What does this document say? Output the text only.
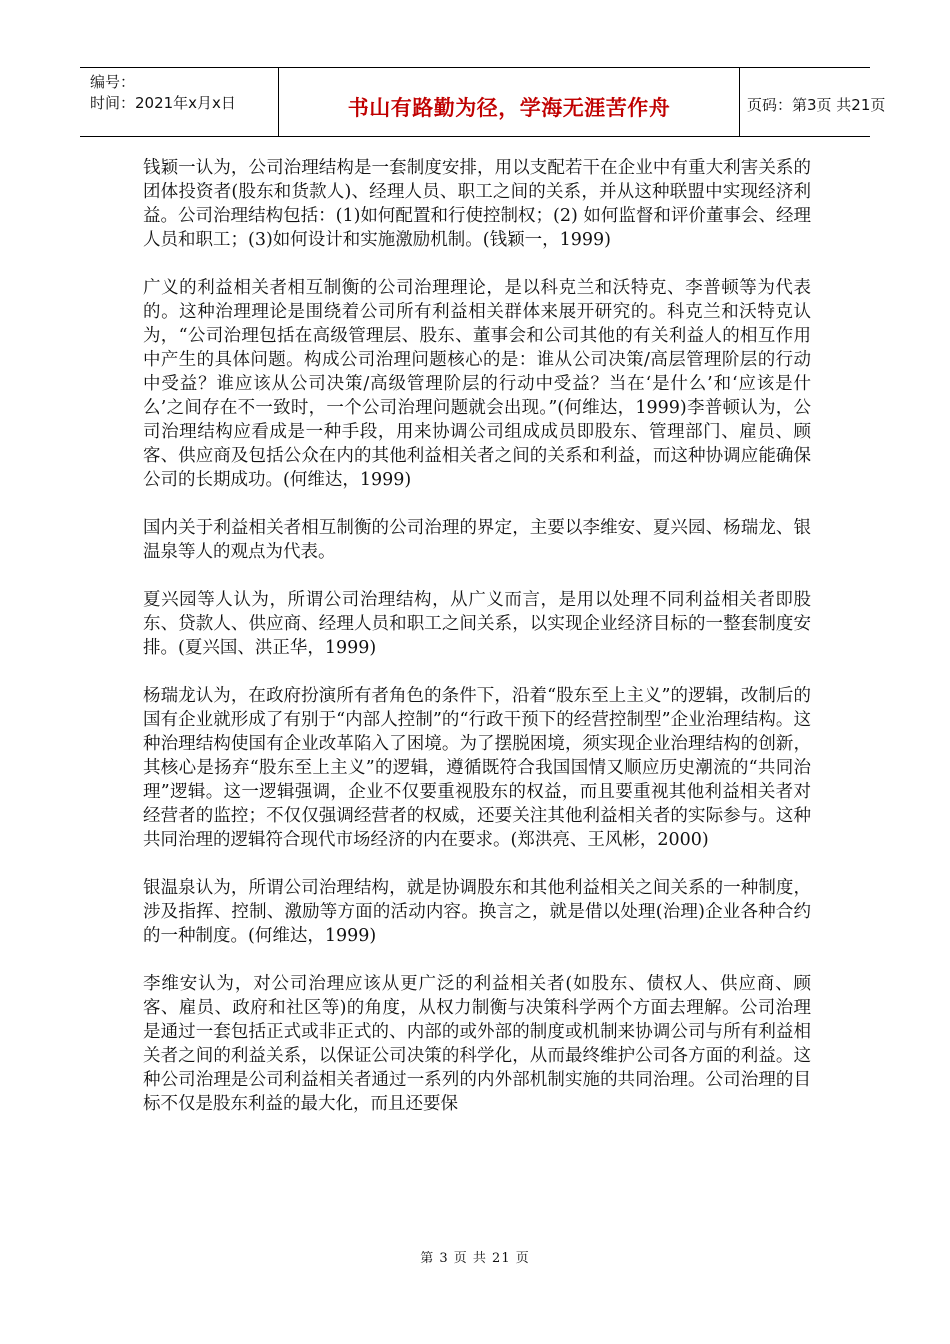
编号：
时间：2021年x月x日	书山有路勤为径，学海无涯苦作舟	页码：第3页 共21页

钱颖一认为，公司治理结构是一套制度安排，用以支配若干在企业中有重大利害关系的团体投资者(股东和货款人)、经理人员、职工之间的关系，并从这种联盟中实现经济利益。公司治理结构包括：(1)如何配置和行使控制权；(2) 如何监督和评价董事会、经理人员和职工；(3)如何设计和实施激励机制。(钱颖一，1999)

广义的利益相关者相互制衡的公司治理理论，是以科克兰和沃特克、李普顿等为代表的。这种治理理论是围绕着公司所有利益相关群体来展开研究的。科克兰和沃特克认为，“公司治理包括在高级管理层、股东、董事会和公司其他的有关利益人的相互作用中产生的具体问题。构成公司治理问题核心的是：谁从公司决策/高层管理阶层的行动中受益？谁应该从公司决策/高级管理阶层的行动中受益？当在‘是什么’和‘应该是什么’之间存在不一致时，一个公司治理问题就会出现。”(何维达，1999)李普顿认为，公司治理结构应看成是一种手段，用来协调公司组成成员即股东、管理部门、雇员、顾客、供应商及包括公众在内的其他利益相关者之间的关系和利益，而这种协调应能确保公司的长期成功。(何维达，1999)

国内关于利益相关者相互制衡的公司治理的界定，主要以李维安、夏兴园、杨瑞龙、银温泉等人的观点为代表。

夏兴园等人认为，所谓公司治理结构，从广义而言，是用以处理不同利益相关者即股东、贷款人、供应商、经理人员和职工之间关系，以实现企业经济目标的一整套制度安排。(夏兴国、洪正华，1999)

杨瑞龙认为，在政府扮演所有者角色的条件下，沿着“股东至上主义”的逻辑，改制后的国有企业就形成了有别于“内部人控制”的“行政干预下的经营控制型”企业治理结构。这种治理结构使国有企业改革陷入了困境。为了摆脱困境，须实现企业治理结构的创新，其核心是扬弃“股东至上主义”的逻辑，遵循既符合我国国情又顺应历史潮流的“共同治理”逻辑。这一逻辑强调，企业不仅要重视股东的权益，而且要重视其他利益相关者对经营者的监控；不仅仅强调经营者的权威，还要关注其他利益相关者的实际参与。这种共同治理的逻辑符合现代市场经济的内在要求。(郑洪亮、王风彬，2000)

银温泉认为，所谓公司治理结构，就是协调股东和其他利益相关之间关系的一种制度，涉及指挥、控制、激励等方面的活动内容。换言之，就是借以处理(治理)企业各种合约的一种制度。(何维达，1999)

李维安认为，对公司治理应该从更广泛的利益相关者(如股东、债权人、供应商、顾客、雇员、政府和社区等)的角度，从权力制衡与决策科学两个方面去理解。公司治理是通过一套包括正式或非正式的、内部的或外部的制度或机制来协调公司与所有利益相关者之间的利益关系，以保证公司决策的科学化，从而最终维护公司各方面的利益。这种公司治理是公司利益相关者通过一系列的内外部机制实施的共同治理。公司治理的目标不仅是股东利益的最大化，而且还要保

第 3 页 共 21 页
